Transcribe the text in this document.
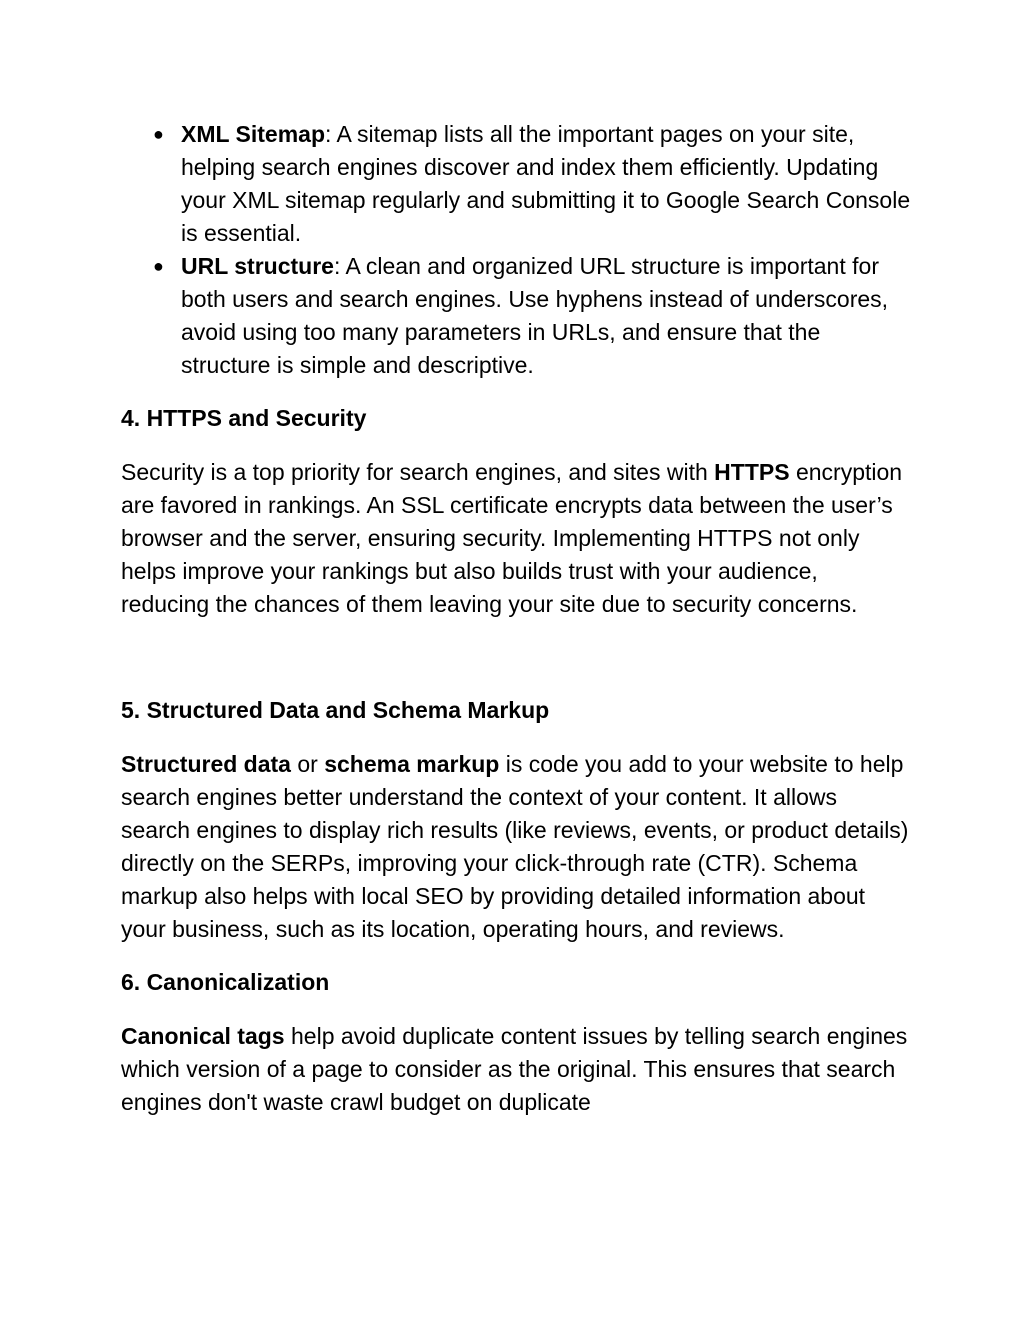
● XML Sitemap: A sitemap lists all the important pages on your site, helping search engines discover and index them efficiently. Updating your XML sitemap regularly and submitting it to Google Search Console is essential.
● URL structure: A clean and organized URL structure is important for both users and search engines. Use hyphens instead of underscores, avoid using too many parameters in URLs, and ensure that the structure is simple and descriptive.
4. HTTPS and Security

Security is a top priority for search engines, and sites with HTTPS encryption are favored in rankings. An SSL certificate encrypts data between the user’s browser and the server, ensuring security. Implementing HTTPS not only helps improve your rankings but also builds trust with your audience, reducing the chances of them leaving your site due to security concerns.

5. Structured Data and Schema Markup

Structured data or schema markup is code you add to your website to help search engines better understand the context of your content. It allows search engines to display rich results (like reviews, events, or product details) directly on the SERPs, improving your click-through rate (CTR). Schema markup also helps with local SEO by providing detailed information about your business, such as its location, operating hours, and reviews.

6. Canonicalization

Canonical tags help avoid duplicate content issues by telling search engines which version of a page to consider as the original. This ensures that search engines don't waste crawl budget on duplicate
